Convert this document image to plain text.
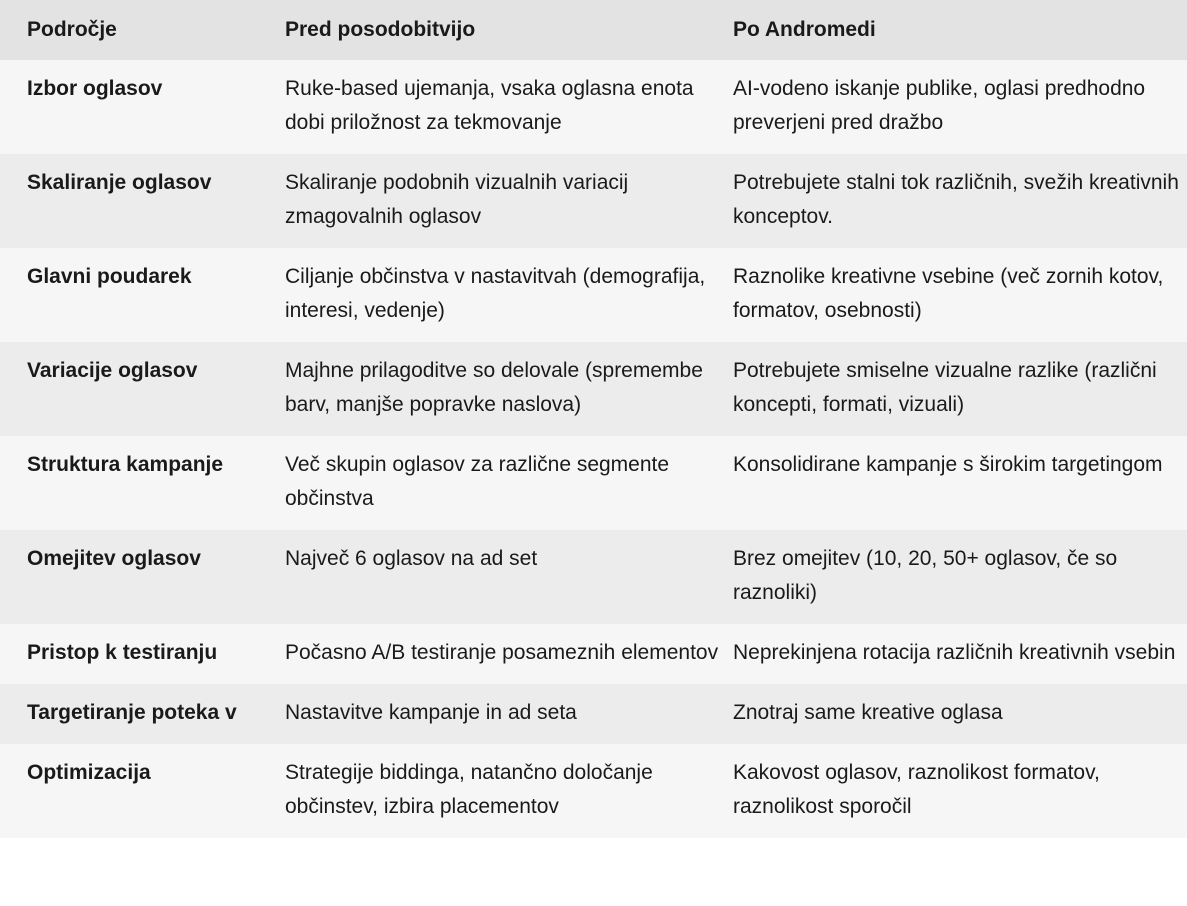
Področje	Pred posodobitvijo	Po Andromedi
Izbor oglasov	Ruke-based ujemanja, vsaka oglasna enota dobi priložnost za tekmovanje	AI-vodeno iskanje publike, oglasi predhodno preverjeni pred dražbo
Skaliranje oglasov	Skaliranje podobnih vizualnih variacij zmagovalnih oglasov	Potrebujete stalni tok različnih, svežih kreativnih konceptov.
Glavni poudarek	Ciljanje občinstva v nastavitvah (demografija, interesi, vedenje)	Raznolike kreativne vsebine (več zornih kotov, formatov, osebnosti)
Variacije oglasov	Majhne prilagoditve so delovale (spremembe barv, manjše popravke naslova)	Potrebujete smiselne vizualne razlike (različni koncepti, formati, vizuali)
Struktura kampanje	Več skupin oglasov za različne segmente občinstva	Konsolidirane kampanje s širokim targetingom
Omejitev oglasov	Največ 6 oglasov na ad set	Brez omejitev (10, 20, 50+ oglasov, če so raznoliki)
Pristop k testiranju	Počasno A/B testiranje posameznih elementov	Neprekinjena rotacija različnih kreativnih vsebin
Targetiranje poteka v	Nastavitve kampanje in ad seta	Znotraj same kreative oglasa
Optimizacija	Strategije biddinga, natančno določanje občinstev, izbira placementov	Kakovost oglasov, raznolikost formatov, raznolikost sporočil
